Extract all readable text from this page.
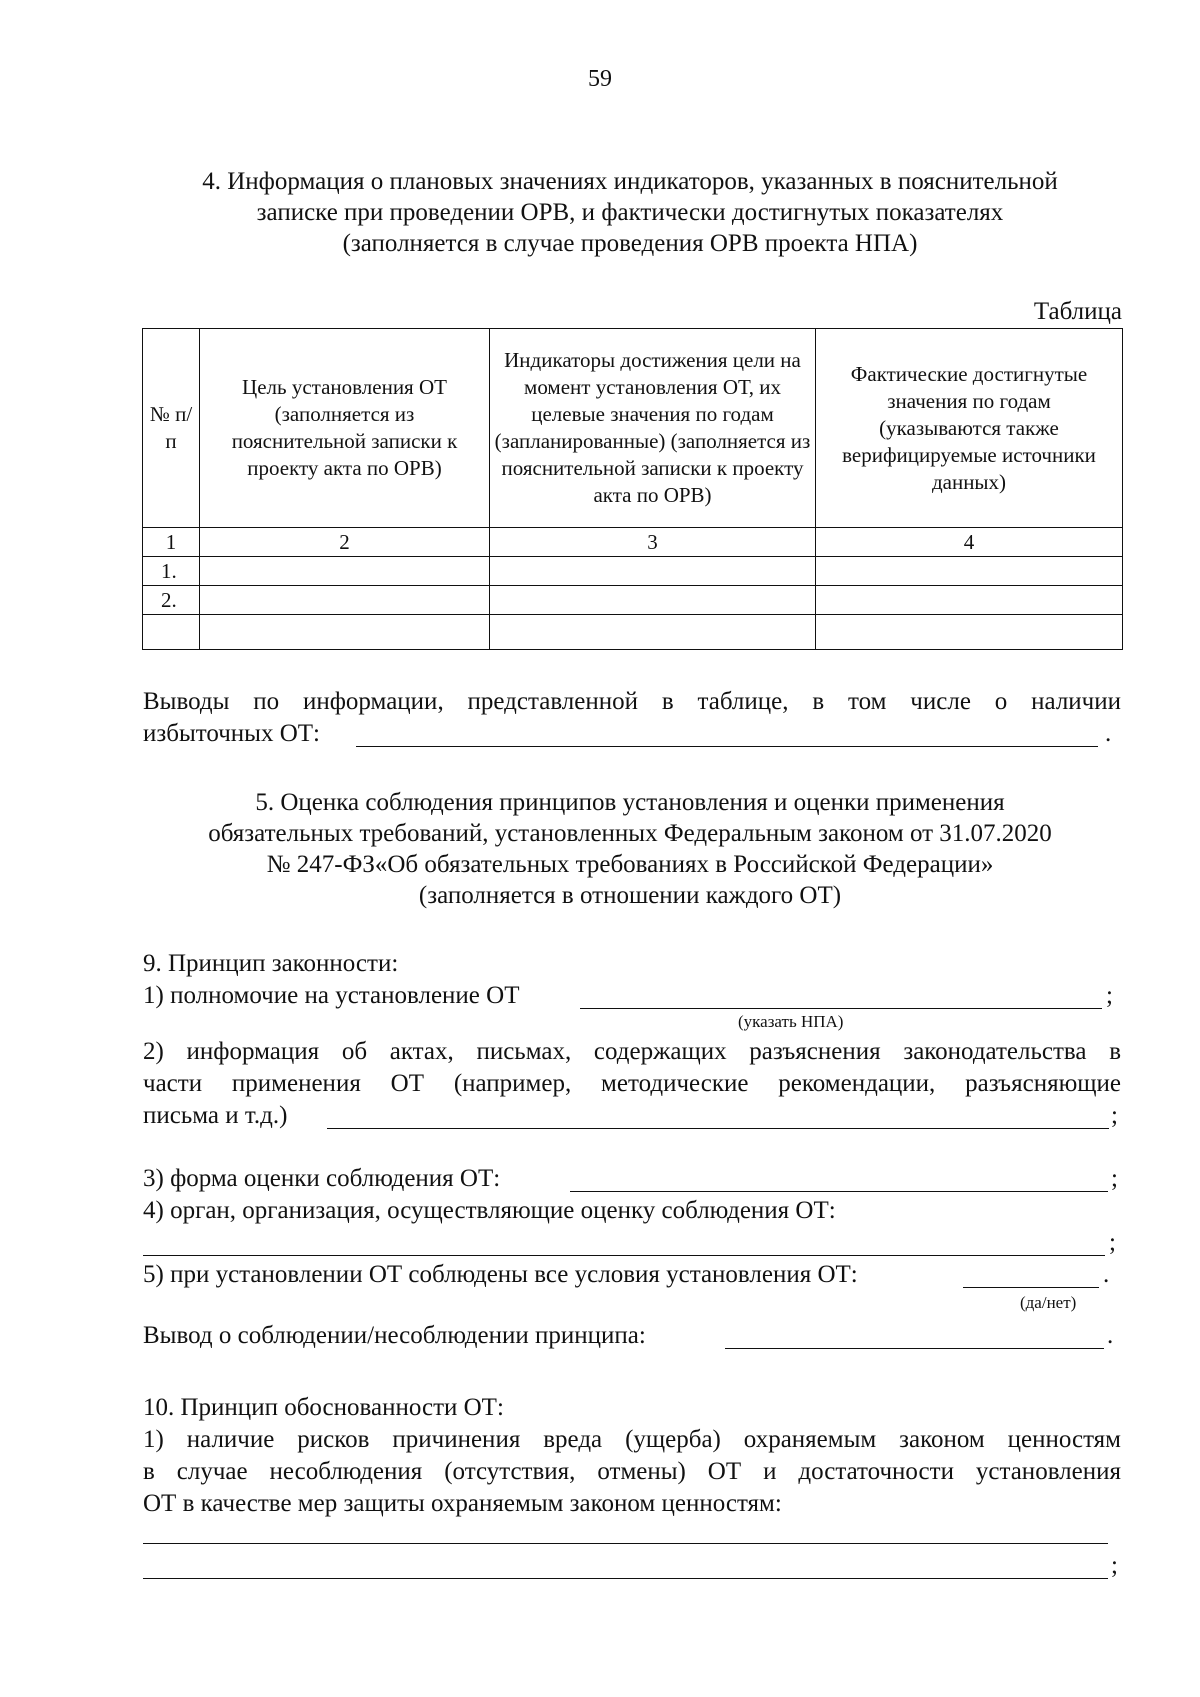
59
4. Информация о плановых значениях индикаторов, указанных в пояснительной
записке при проведении ОРВ, и фактически достигнутых показателях
(заполняется в случае проведения ОРВ проекта НПА)
Таблица
№ п/п	Цель установления ОТ (заполняется из пояснительной записки к проекту акта по ОРВ)	Индикаторы достижения цели на момент установления ОТ, их целевые значения по годам (запланированные) (заполняется из пояснительной записки к проекту акта по ОРВ)	Фактические достигнутые значения по годам (указываются также верифицируемые источники данных)
1	2	3	4
1.			
2.			

Выводы по информации, представленной в таблице, в том числе о наличии
избыточных ОТ:	.
5. Оценка соблюдения принципов установления и оценки применения
обязательных требований, установленных Федеральным законом от 31.07.2020
№ 247-ФЗ«Об обязательных требованиях в Российской Федерации»
(заполняется в отношении каждого ОТ)
9. Принцип законности:
1) полномочие на установление ОТ	;
(указать НПА)
2) информация об актах, письмах, содержащих разъяснения законодательства в
части применения ОТ (например, методические рекомендации, разъясняющие
письма и т.д.)	;
3) форма оценки соблюдения ОТ:	;
4) орган, организация, осуществляющие оценку соблюдения ОТ:
;
5) при установлении ОТ соблюдены все условия установления ОТ:	.
(да/нет)
Вывод о соблюдении/несоблюдении принципа:	.
10. Принцип обоснованности ОТ:
1) наличие рисков причинения вреда (ущерба) охраняемым законом ценностям
в случае несоблюдения (отсутствия, отмены) ОТ и достаточности установления
ОТ в качестве мер защиты охраняемым законом ценностям:
;
